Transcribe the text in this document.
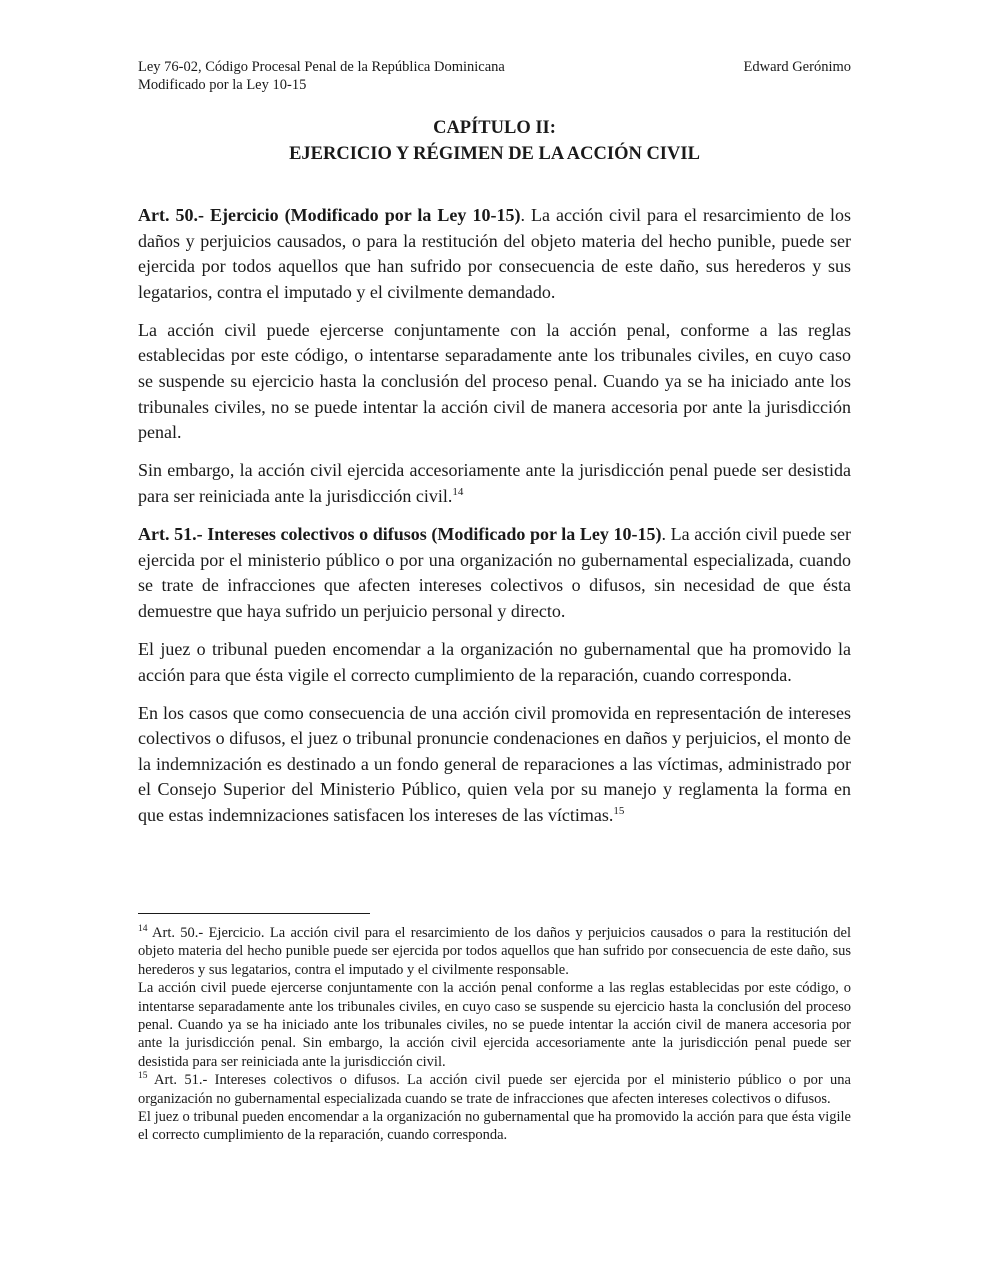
Ley 76-02, Código Procesal Penal de la República Dominicana	Edward Gerónimo
Modificado por la Ley 10-15
CAPÍTULO II:
EJERCICIO Y RÉGIMEN DE LA ACCIÓN CIVIL

Art. 50.- Ejercicio (Modificado por la Ley 10-15). La acción civil para el resarcimiento de los daños y perjuicios causados, o para la restitución del objeto materia del hecho punible, puede ser ejercida por todos aquellos que han sufrido por consecuencia de este daño, sus herederos y sus legatarios, contra el imputado y el civilmente demandado.

La acción civil puede ejercerse conjuntamente con la acción penal, conforme a las reglas establecidas por este código, o intentarse separadamente ante los tribunales civiles, en cuyo caso se suspende su ejercicio hasta la conclusión del proceso penal. Cuando ya se ha iniciado ante los tribunales civiles, no se puede intentar la acción civil de manera accesoria por ante la jurisdicción penal.

Sin embargo, la acción civil ejercida accesoriamente ante la jurisdicción penal puede ser desistida para ser reiniciada ante la jurisdicción civil.$^{14}$

Art. 51.- Intereses colectivos o difusos (Modificado por la Ley 10-15). La acción civil puede ser ejercida por el ministerio público o por una organización no gubernamental especializada, cuando se trate de infracciones que afecten intereses colectivos o difusos, sin necesidad de que ésta demuestre que haya sufrido un perjuicio personal y directo.

El juez o tribunal pueden encomendar a la organización no gubernamental que ha promovido la acción para que ésta vigile el correcto cumplimiento de la reparación, cuando corresponda.

En los casos que como consecuencia de una acción civil promovida en representación de intereses colectivos o difusos, el juez o tribunal pronuncie condenaciones en daños y perjuicios, el monto de la indemnización es destinado a un fondo general de reparaciones a las víctimas, administrado por el Consejo Superior del Ministerio Público, quien vela por su manejo y reglamenta la forma en que estas indemnizaciones satisfacen los intereses de las víctimas.$^{15}$

$^{14}$ Art. 50.- Ejercicio. La acción civil para el resarcimiento de los daños y perjuicios causados o para la restitución del objeto materia del hecho punible puede ser ejercida por todos aquellos que han sufrido por consecuencia de este daño, sus herederos y sus legatarios, contra el imputado y el civilmente responsable.

La acción civil puede ejercerse conjuntamente con la acción penal conforme a las reglas establecidas por este código, o intentarse separadamente ante los tribunales civiles, en cuyo caso se suspende su ejercicio hasta la conclusión del proceso penal. Cuando ya se ha iniciado ante los tribunales civiles, no se puede intentar la acción civil de manera accesoria por ante la jurisdicción penal. Sin embargo, la acción civil ejercida accesoriamente ante la jurisdicción penal puede ser desistida para ser reiniciada ante la jurisdicción civil.

$^{15}$ Art. 51.- Intereses colectivos o difusos. La acción civil puede ser ejercida por el ministerio público o por una organización no gubernamental especializada cuando se trate de infracciones que afecten intereses colectivos o difusos.

El juez o tribunal pueden encomendar a la organización no gubernamental que ha promovido la acción para que ésta vigile el correcto cumplimiento de la reparación, cuando corresponda.
